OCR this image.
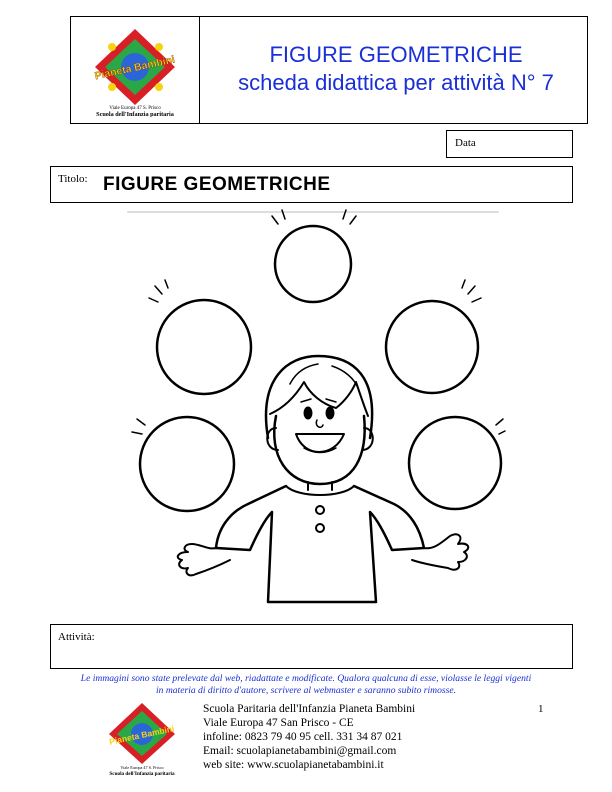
Pianeta Bambini
Viale Europa 47 S. Prisco
Scuola dell'Infanzia paritaria
FIGURE GEOMETRICHE
scheda didattica per attività N° 7
Data
Titolo: FIGURE GEOMETRICHE
Attività:
Le immagini sono state prelevate dal web, riadattate e modificate. Qualora qualcuna di esse, violasse le leggi vigenti
in materia di diritto d'autore, scrivere al webmaster e saranno subito rimosse.
Pianeta Bambini
Viale Europa 47 S. Prisco
Scuola dell'Infanzia paritaria
Scuola Paritaria dell'Infanzia Pianeta Bambini
Viale Europa 47 San Prisco - CE
infoline: 0823 79 40 95 cell. 331 34 87 021
Email: scuolapianetabambini@gmail.com
web site: www.scuolapianetabambini.it
1
